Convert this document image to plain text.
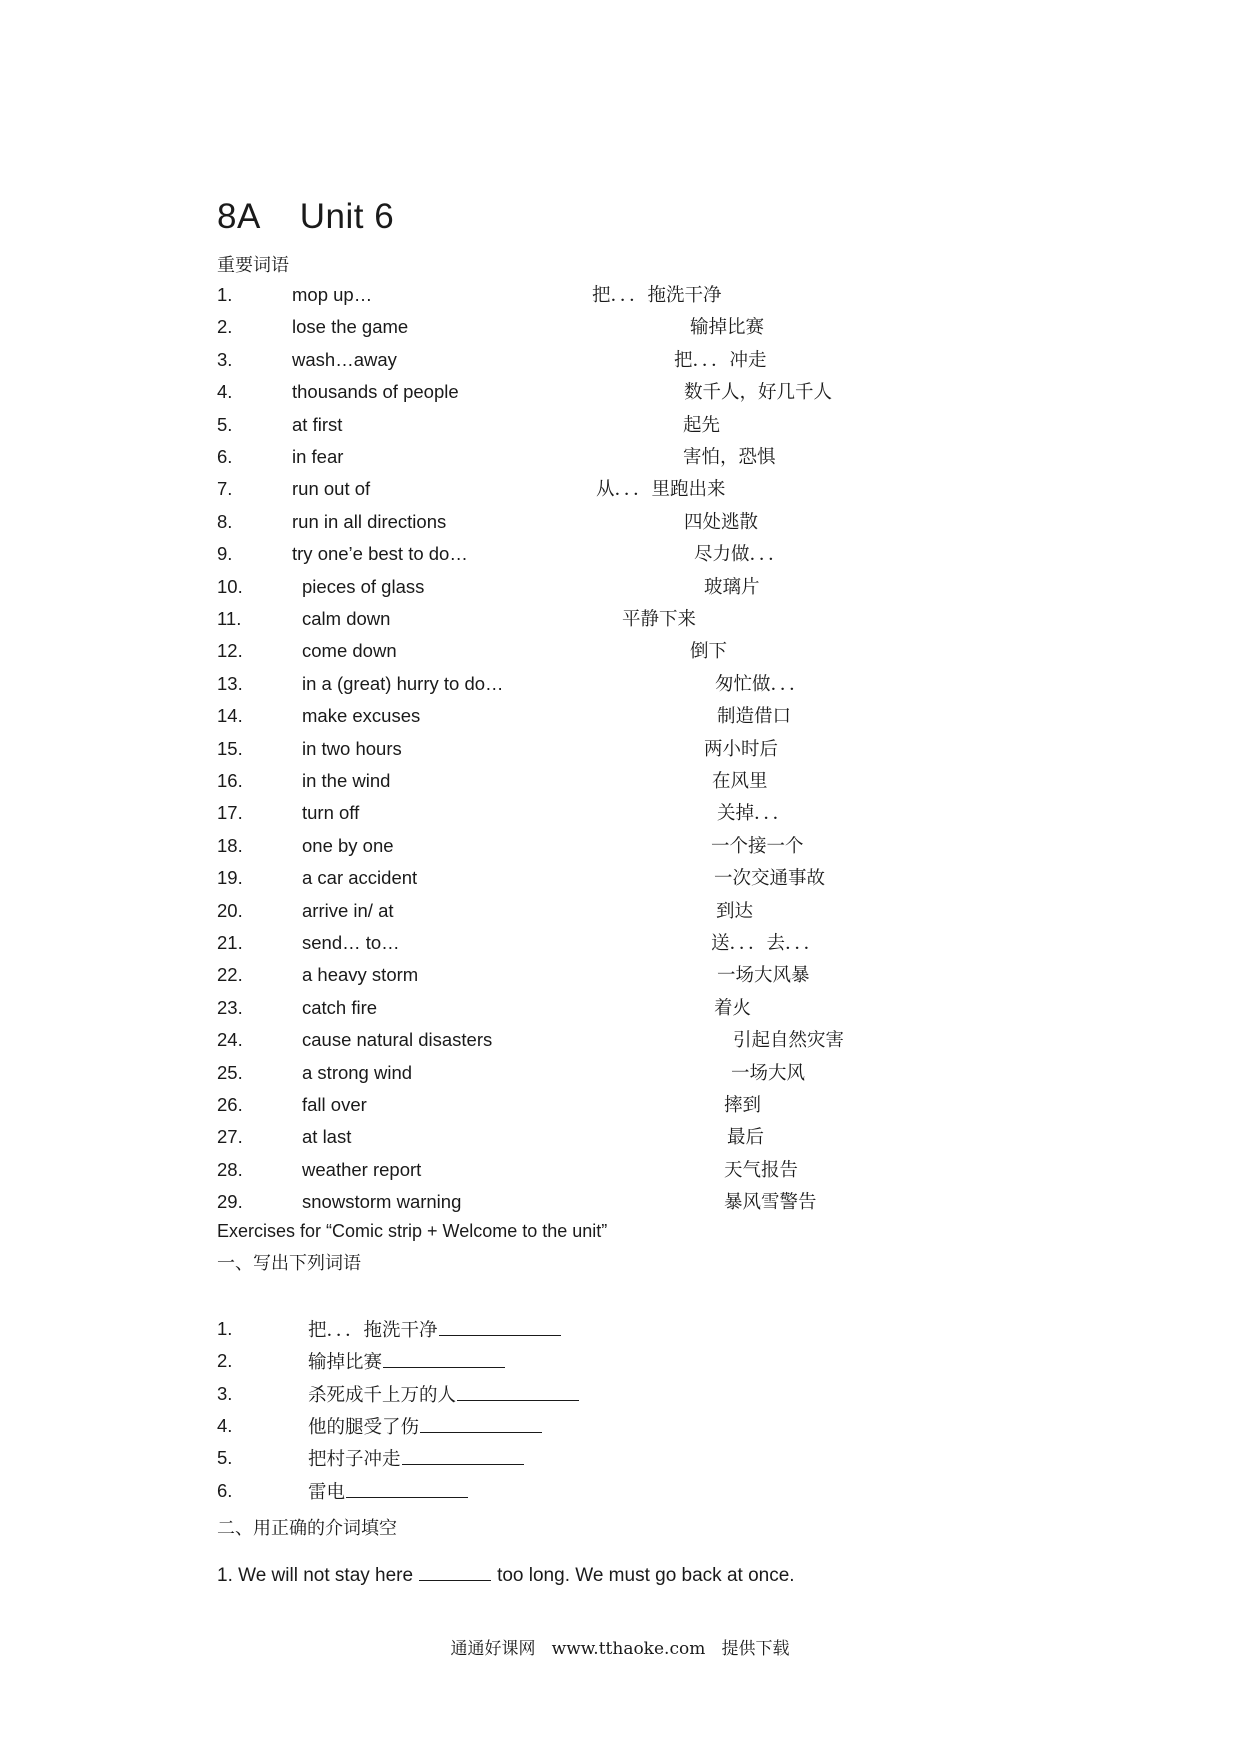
8A    Unit 6
重要词语
1.	mop up…	把．．．拖洗干净
2.	lose the game	输掉比赛
3.	wash…away	把．．．冲走
4.	thousands of people	数千人，好几千人
5.	at first	起先
6.	in fear	害怕，恐惧
7.	run out of	从．．．里跑出来
8.	run in all directions	四处逃散
9.	try one’e best to do…	尽力做．．．
10.	pieces of glass	玻璃片
11.	calm down	平静下来
12.	come down	倒下
13.	in a (great) hurry to do…	匆忙做．．．
14.	make excuses	制造借口
15.	in two hours	两小时后
16.	in the wind	在风里
17.	turn off	关掉．．．
18.	one by one	一个接一个
19.	a car accident	一次交通事故
20.	arrive in/ at	到达
21.	send… to…	送．．．去．．．
22.	a heavy storm	一场大风暴
23.	catch fire	着火
24.	cause natural disasters	引起自然灾害
25.	a strong wind	一场大风
26.	fall over	摔到
27.	at last	最后
28.	weather report	天气报告
29.	snowstorm warning	暴风雪警告
Exercises for “Comic strip + Welcome to the unit”
一、写出下列词语
1.	把．．．拖洗干净
2.	输掉比赛
3.	杀死成千上万的人
4.	他的腿受了伤
5.	把村子冲走
6.	雷电
二、用正确的介词填空
1. We will not stay here	too long. We must go back at once.
通通好课网   www.tthaoke.com   提供下载
